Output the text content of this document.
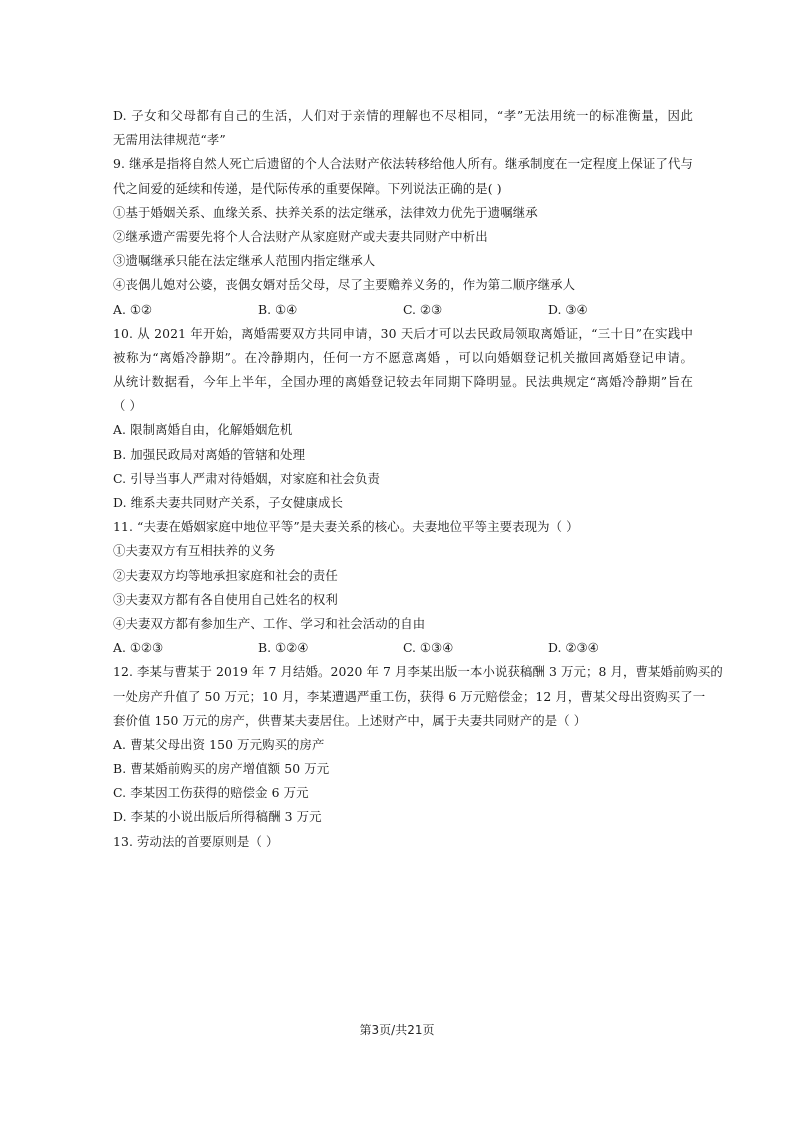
D. 子女和父母都有自己的生活，人们对于亲情的理解也不尽相同，“孝”无法用统一的标准衡量，因此
无需用法律规范“孝”
9. 继承是指将自然人死亡后遗留的个人合法财产依法转移给他人所有。继承制度在一定程度上保证了代与
代之间爱的延续和传递，是代际传承的重要保障。下列说法正确的是( )
①基于婚姻关系、血缘关系、扶养关系的法定继承，法律效力优先于遗嘱继承
②继承遗产需要先将个人合法财产从家庭财产或夫妻共同财产中析出
③遗嘱继承只能在法定继承人范围内指定继承人
④丧偶儿媳对公婆，丧偶女婿对岳父母，尽了主要赡养义务的，作为第二顺序继承人
A. ①②	B. ①④	C. ②③	D. ③④
10. 从 2021 年开始，离婚需要双方共同申请，30 天后才可以去民政局领取离婚证，“三十日”在实践中
被称为“离婚冷静期”。在冷静期内，任何一方不愿意离婚 ，可以向婚姻登记机关撤回离婚登记申请。
从统计数据看，今年上半年，全国办理的离婚登记较去年同期下降明显。民法典规定“离婚冷静期”旨在
（ ）
A. 限制离婚自由，化解婚姻危机
B. 加强民政局对离婚的管辖和处理
C. 引导当事人严肃对待婚姻，对家庭和社会负责
D. 维系夫妻共同财产关系，子女健康成长
11. “夫妻在婚姻家庭中地位平等”是夫妻关系的核心。夫妻地位平等主要表现为（ ）
①夫妻双方有互相扶养的义务
②夫妻双方均等地承担家庭和社会的责任
③夫妻双方都有各自使用自己姓名的权利
④夫妻双方都有参加生产、工作、学习和社会活动的自由
A. ①②③	B. ①②④	C. ①③④	D. ②③④
12. 李某与曹某于 2019 年 7 月结婚。2020 年 7 月李某出版一本小说获稿酬 3 万元；8 月，曹某婚前购买的
一处房产升值了 50 万元；10 月，李某遭遇严重工伤，获得 6 万元赔偿金；12 月，曹某父母出资购买了一
套价值 150 万元的房产，供曹某夫妻居住。上述财产中，属于夫妻共同财产的是（ ）
A. 曹某父母出资 150 万元购买的房产
B. 曹某婚前购买的房产增值额 50 万元
C. 李某因工伤获得的赔偿金 6 万元
D. 李某的小说出版后所得稿酬 3 万元
13. 劳动法的首要原则是（ ）
第3页/共21页
